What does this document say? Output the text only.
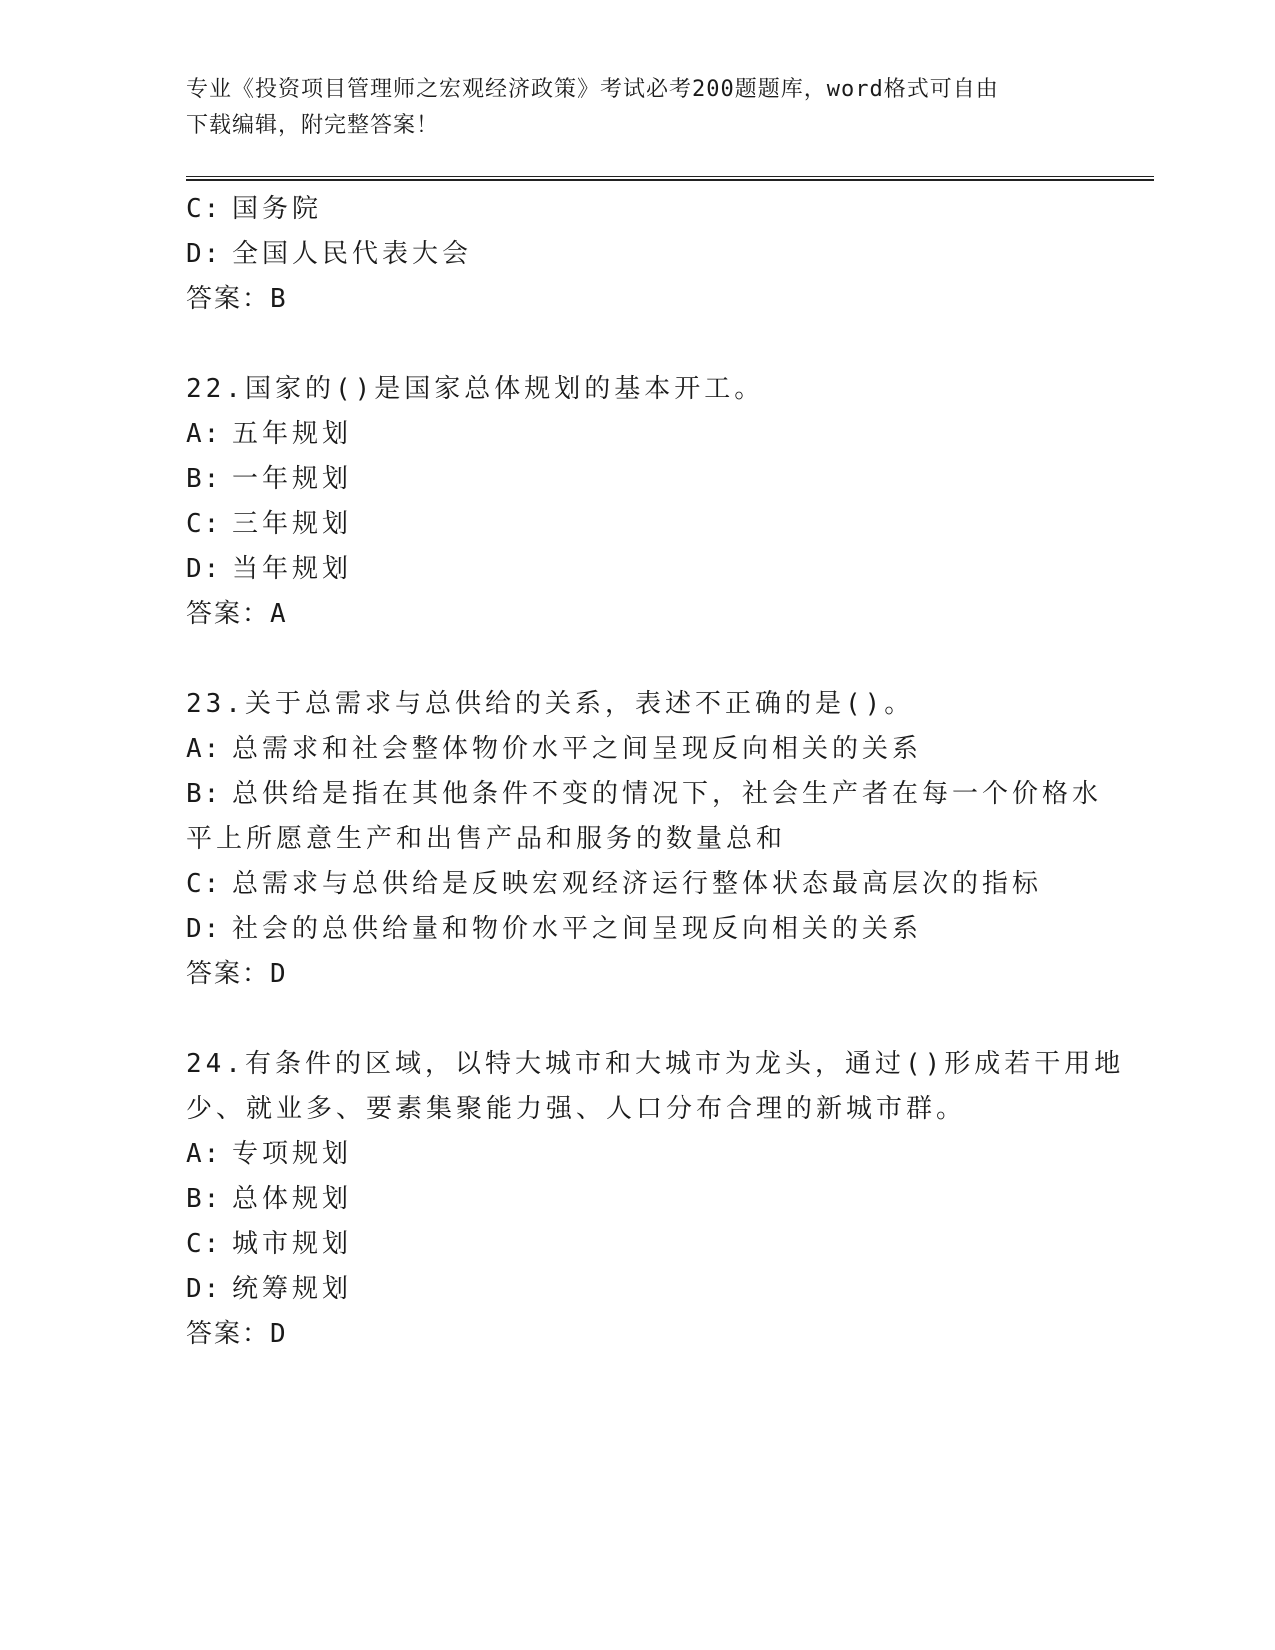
专业《投资项目管理师之宏观经济政策》考试必考200题题库，word格式可自由
下载编辑，附完整答案！
C: 国务院
D: 全国人民代表大会
答案：B
22.国家的()是国家总体规划的基本开工。
A: 五年规划
B: 一年规划
C: 三年规划
D: 当年规划
答案：A
23.关于总需求与总供给的关系，表述不正确的是()。
A: 总需求和社会整体物价水平之间呈现反向相关的关系
B: 总供给是指在其他条件不变的情况下，社会生产者在每一个价格水
平上所愿意生产和出售产品和服务的数量总和
C: 总需求与总供给是反映宏观经济运行整体状态最高层次的指标
D: 社会的总供给量和物价水平之间呈现反向相关的关系
答案：D
24.有条件的区域，以特大城市和大城市为龙头，通过()形成若干用地
少、就业多、要素集聚能力强、人口分布合理的新城市群。
A: 专项规划
B: 总体规划
C: 城市规划
D: 统筹规划
答案：D
